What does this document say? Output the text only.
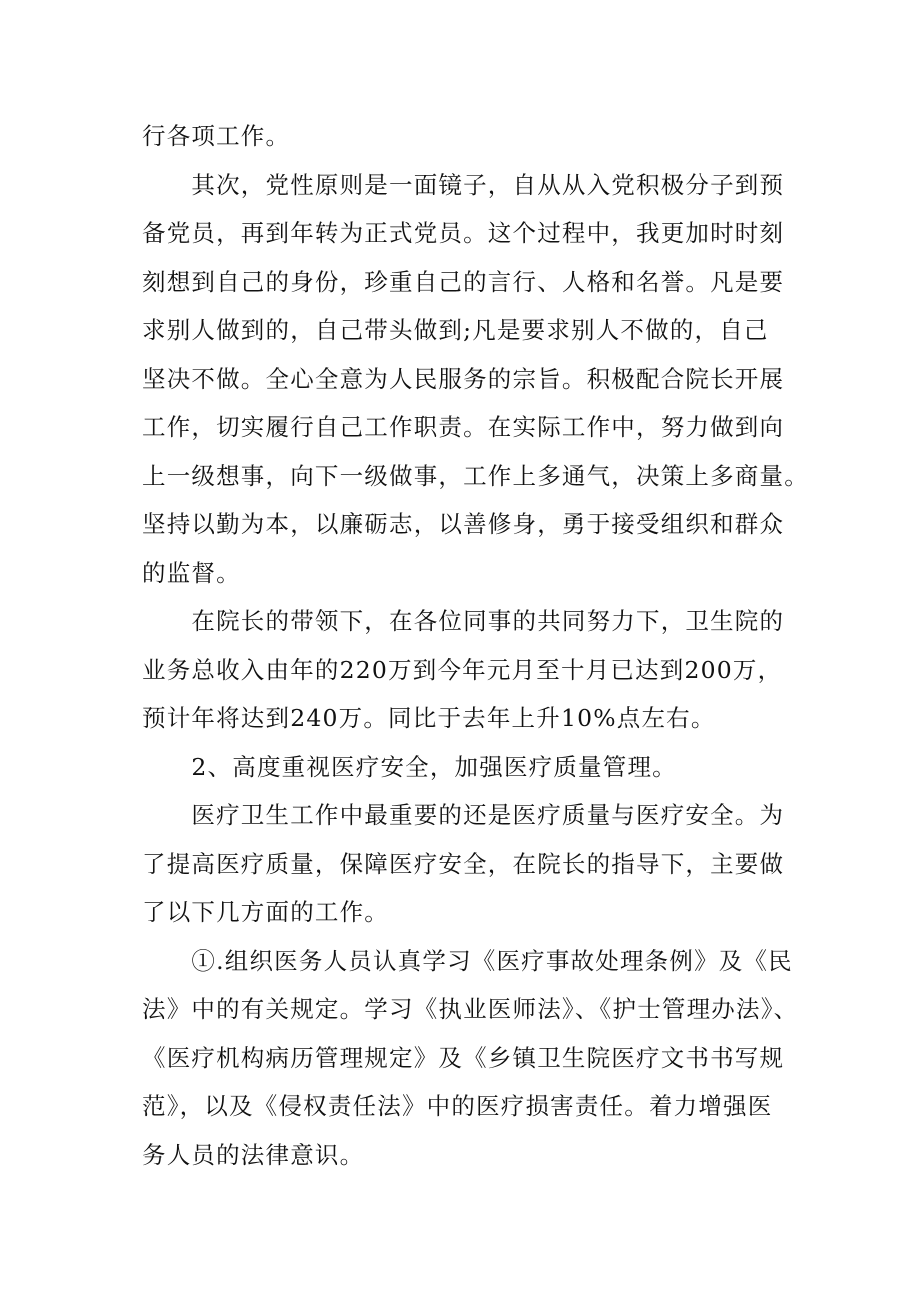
行各项工作。
　　其次，党性原则是一面镜子，自从从入党积极分子到预
备党员，再到年转为正式党员。这个过程中，我更加时时刻
刻想到自己的身份，珍重自己的言行、人格和名誉。凡是要
求别人做到的，自己带头做到;凡是要求别人不做的，自己
坚决不做。全心全意为人民服务的宗旨。积极配合院长开展
工作，切实履行自己工作职责。在实际工作中，努力做到向
上一级想事，向下一级做事，工作上多通气，决策上多商量。
坚持以勤为本，以廉砺志，以善修身，勇于接受组织和群众
的监督。
　　在院长的带领下，在各位同事的共同努力下，卫生院的
业务总收入由年的220万到今年元月至十月已达到200万，
预计年将达到240万。同比于去年上升10%点左右。
　　2、高度重视医疗安全，加强医疗质量管理。
　　医疗卫生工作中最重要的还是医疗质量与医疗安全。为
了提高医疗质量，保障医疗安全，在院长的指导下，主要做
了以下几方面的工作。
　　①.组织医务人员认真学习《医疗事故处理条例》及《民
法》中的有关规定。学习《执业医师法》、《护士管理办法》、
《医疗机构病历管理规定》及《乡镇卫生院医疗文书书写规
范》，以及《侵权责任法》中的医疗损害责任。着力增强医
务人员的法律意识。
